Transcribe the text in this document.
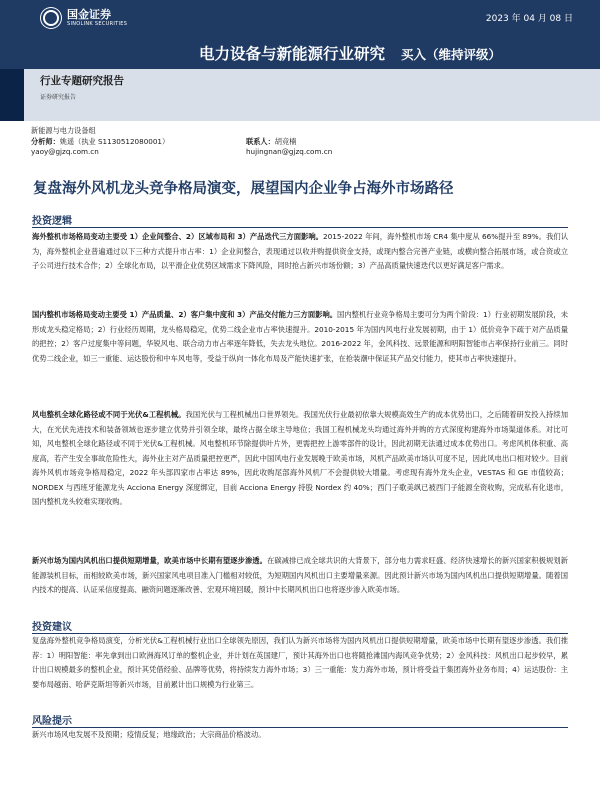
国金证券
SINOLINK SECURITIES	2023 年 04 月 08 日
电力设备与新能源行业研究 买入（维持评级）
行业专题研究报告
证券研究报告
新能源与电力设备组
分析师：姚遥（执业 S1130512080001）	联系人：胡竞楠
yaoy@gjzq.com.cn	hujingnan@gjzq.com.cn
复盘海外风机龙头竞争格局演变，展望国内企业争占海外市场路径
投资逻辑
海外整机市场格局变动主要受 1）企业间整合、2）区域布局和 3）产品迭代三方面影响。2015-2022 年间，海外整机市场 CR4 集中度从 66%提升至 89%。我们认为，海外整机企业普遍通过以下三种方式提升市占率：1）企业间整合，表现通过以收并购提供资金支持，或现内整合完善产业链，或横向整合拓展市场，或合资或立子公司进行技术合作；2）全球化布局，以平滑企业优势区域需求下降风险，同时抢占新兴市场份额；3）产品高质量快速迭代以更好满足客户需求。
国内整机市场格局变动主要受 1）产品质量、2）客户集中度和 3）产品交付能力三方面影响。国内整机行业竞争格局主要可分为两个阶段：1）行业初期发展阶段，未形成龙头稳定格局；2）行业经历周期，龙头格局稳定，优势二线企业市占率快速提升。2010-2015 年为国内风电行业发展初期，由于 1）低价竞争下疏于对产品质量的把控；2）客户过度集中等问题，华锐风电、联合动力市占率逐年降低，失去龙头地位。2016-2022 年，金风科技、远景能源和明阳智能市占率保持行业前三。同时优势二线企业，如三一重能、运达股份和中车风电等，受益于纵向一体化布局及产能快速扩张，在抢装潮中保证其产品交付能力，使其市占率快速提升。
风电整机全球化路径或不同于光伏&工程机械。我国光伏与工程机械出口世界领先。我国光伏行业最初依靠大规模高效生产的成本优势出口，之后随着研发投入持续加大，在光伏先进技术和装备领域也逐步建立优势并引领全球，最终占据全球主导地位；我国工程机械龙头均通过海外并购的方式深度构建海外市场渠道体系。对比可知，风电整机全球化路径或不同于光伏&工程机械。风电整机环节除提供叶片外，更需把控上游零部件的设计，因此初期无法通过成本优势出口。考虑风机体积重、高度高，若产生安全事故危险性大，海外业主对产品质量把控更严，因此中国风电行业发展晚于欧美市场，风机产品欧美市场认可度不足，因此风电出口相对较少。目前海外风机市场竞争格局稳定，2022 年头部四家市占率达 89%，因此收购尾部海外风机厂不会提供较大增量。考虑现有海外龙头企业，VESTAS 和 GE 市值较高；NORDEX 与西班牙能源龙头 Acciona Energy 深度绑定，目前 Acciona Energy 持股 Nordex 约 40%；西门子歌美飒已被西门子能源全资收购，完成私有化退市，国内整机龙头较难实现收购。
新兴市场为国内风机出口提供短期增量，欧美市场中长期有望逐步渗透。在碳减排已成全球共识的大背景下，部分电力需求旺盛、经济快速增长的新兴国家积极规划新能源装机目标，而相较欧美市场，新兴国家风电项目准入门槛相对较低，为短期国内风机出口主要增量来源。因此预计新兴市场为国内风机出口提供短期增量。随着国内技术的提高、认证采信度提高、融资问题逐渐改善、宏观环境回暖，预计中长期风机出口也将逐步渗入欧美市场。
投资建议
复盘海外整机竞争格局演变，分析光伏&工程机械行业出口全球领先原因，我们认为新兴市场将为国内风机出口提供短期增量，欧美市场中长期有望逐步渗透。我们推荐：1）明阳智能：率先拿到出口欧洲海风订单的整机企业，并计划在英国建厂，预计其海外出口也将随抢滩国内海风竞争优势；2）金风科技：风机出口起步较早，累计出口规模最多的整机企业，预计其凭借经验、品牌等优势，将持续发力海外市场；3）三一重能：发力海外市场，预计将受益于集团海外业务布局；4）运达股份：主要布局越南、哈萨克斯坦等新兴市场，目前累计出口规模为行业第三。
风险提示
新兴市场风电发展不及预期；疫情反复；地缘政治；大宗商品价格波动。
